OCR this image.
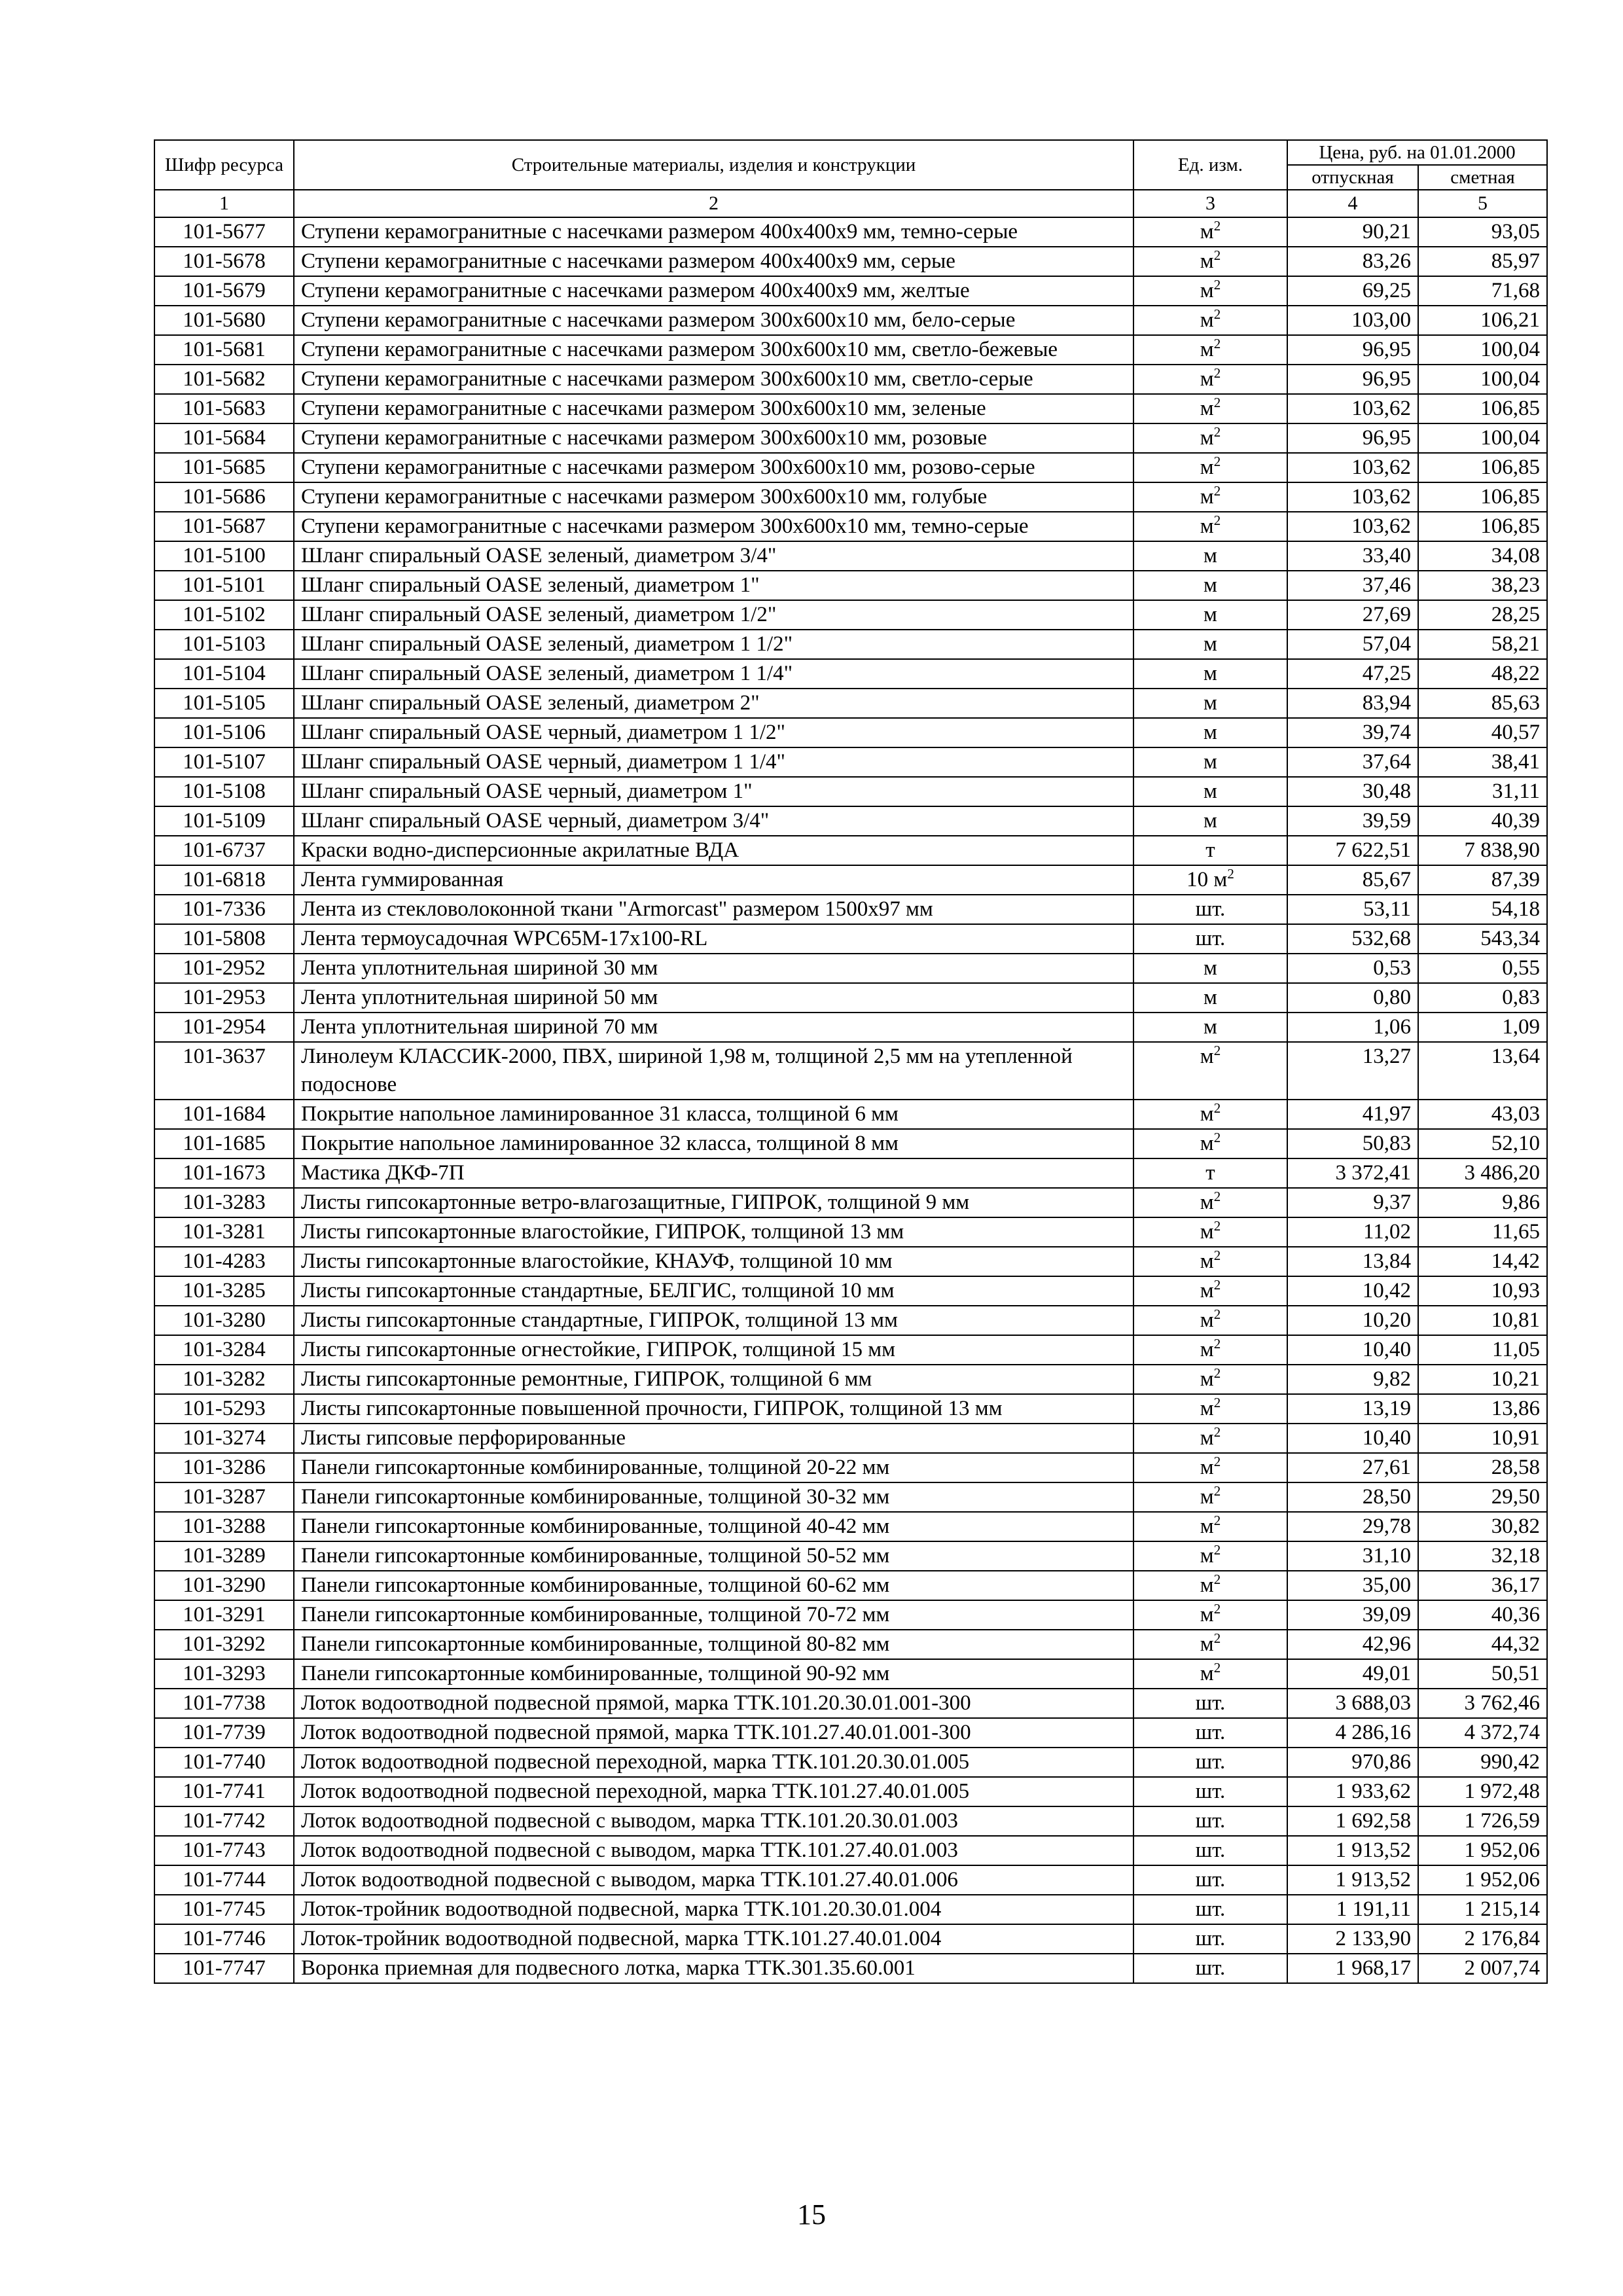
Шифр ресурса	Строительные материалы, изделия и конструкции	Ед. изм.	Цена, руб. на 01.01.2000	
			отпускная	сметная
1	2	3	4	5
101-5677	Ступени керамогранитные с насечками размером 400х400х9 мм, темно-серые	$м^2$	90,21	93,05
101-5678	Ступени керамогранитные с насечками размером 400х400х9 мм, серые	$м^2$	83,26	85,97
101-5679	Ступени керамогранитные с насечками размером 400х400х9 мм, желтые	$м^2$	69,25	71,68
101-5680	Ступени керамогранитные с насечками размером 300х600х10 мм, бело-серые	$м^2$	103,00	106,21
101-5681	Ступени керамогранитные с насечками размером 300х600х10 мм, светло-бежевые	$м^2$	96,95	100,04
101-5682	Ступени керамогранитные с насечками размером 300х600х10 мм, светло-серые	$м^2$	96,95	100,04
101-5683	Ступени керамогранитные с насечками размером 300х600х10 мм, зеленые	$м^2$	103,62	106,85
101-5684	Ступени керамогранитные с насечками размером 300х600х10 мм, розовые	$м^2$	96,95	100,04
101-5685	Ступени керамогранитные с насечками размером 300х600х10 мм, розово-серые	$м^2$	103,62	106,85
101-5686	Ступени керамогранитные с насечками размером 300х600х10 мм, голубые	$м^2$	103,62	106,85
101-5687	Ступени керамогранитные с насечками размером 300х600х10 мм, темно-серые	$м^2$	103,62	106,85
101-5100	Шланг спиральный OASE зеленый, диаметром 3/4"	м	33,40	34,08
101-5101	Шланг спиральный OASE зеленый, диаметром 1"	м	37,46	38,23
101-5102	Шланг спиральный OASE зеленый, диаметром 1/2"	м	27,69	28,25
101-5103	Шланг спиральный OASE зеленый, диаметром 1 1/2"	м	57,04	58,21
101-5104	Шланг спиральный OASE зеленый, диаметром 1 1/4"	м	47,25	48,22
101-5105	Шланг спиральный OASE зеленый, диаметром 2"	м	83,94	85,63
101-5106	Шланг спиральный OASE черный, диаметром 1 1/2"	м	39,74	40,57
101-5107	Шланг спиральный OASE черный, диаметром 1 1/4"	м	37,64	38,41
101-5108	Шланг спиральный OASE черный, диаметром 1"	м	30,48	31,11
101-5109	Шланг спиральный OASE черный, диаметром 3/4"	м	39,59	40,39
101-6737	Краски водно-дисперсионные акрилатные ВДА	т	7 622,51	7 838,90
101-6818	Лента гуммированная	10 $м^2$	85,67	87,39
101-7336	Лента из стекловолоконной ткани "Armorcast" размером 1500х97 мм	шт.	53,11	54,18
101-5808	Лента термоусадочная WPC65M-17х100-RL	шт.	532,68	543,34
101-2952	Лента уплотнительная шириной 30 мм	м	0,53	0,55
101-2953	Лента уплотнительная шириной 50 мм	м	0,80	0,83
101-2954	Лента уплотнительная шириной 70 мм	м	1,06	1,09
101-3637	Линолеум КЛАССИК-2000, ПВХ, шириной 1,98 м, толщиной 2,5 мм на утепленной подоснове	$м^2$	13,27	13,64
101-1684	Покрытие напольное ламинированное 31 класса, толщиной 6 мм	$м^2$	41,97	43,03
101-1685	Покрытие напольное ламинированное 32 класса, толщиной 8 мм	$м^2$	50,83	52,10
101-1673	Мастика ДКФ-7П	т	3 372,41	3 486,20
101-3283	Листы гипсокартонные ветро-влагозащитные, ГИПРОК, толщиной 9 мм	$м^2$	9,37	9,86
101-3281	Листы гипсокартонные влагостойкие, ГИПРОК, толщиной 13 мм	$м^2$	11,02	11,65
101-4283	Листы гипсокартонные влагостойкие, КНАУФ, толщиной 10 мм	$м^2$	13,84	14,42
101-3285	Листы гипсокартонные стандартные, БЕЛГИС, толщиной 10 мм	$м^2$	10,42	10,93
101-3280	Листы гипсокартонные стандартные, ГИПРОК, толщиной 13 мм	$м^2$	10,20	10,81
101-3284	Листы гипсокартонные огнестойкие, ГИПРОК, толщиной 15 мм	$м^2$	10,40	11,05
101-3282	Листы гипсокартонные ремонтные, ГИПРОК, толщиной 6 мм	$м^2$	9,82	10,21
101-5293	Листы гипсокартонные повышенной прочности, ГИПРОК, толщиной 13 мм	$м^2$	13,19	13,86
101-3274	Листы гипсовые перфорированные	$м^2$	10,40	10,91
101-3286	Панели гипсокартонные комбинированные, толщиной 20-22 мм	$м^2$	27,61	28,58
101-3287	Панели гипсокартонные комбинированные, толщиной 30-32 мм	$м^2$	28,50	29,50
101-3288	Панели гипсокартонные комбинированные, толщиной 40-42 мм	$м^2$	29,78	30,82
101-3289	Панели гипсокартонные комбинированные, толщиной 50-52 мм	$м^2$	31,10	32,18
101-3290	Панели гипсокартонные комбинированные, толщиной 60-62 мм	$м^2$	35,00	36,17
101-3291	Панели гипсокартонные комбинированные, толщиной 70-72 мм	$м^2$	39,09	40,36
101-3292	Панели гипсокартонные комбинированные, толщиной 80-82 мм	$м^2$	42,96	44,32
101-3293	Панели гипсокартонные комбинированные, толщиной 90-92 мм	$м^2$	49,01	50,51
101-7738	Лоток водоотводной подвесной прямой, марка ТТК.101.20.30.01.001-300	шт.	3 688,03	3 762,46
101-7739	Лоток водоотводной подвесной прямой, марка ТТК.101.27.40.01.001-300	шт.	4 286,16	4 372,74
101-7740	Лоток водоотводной подвесной переходной, марка ТТК.101.20.30.01.005	шт.	970,86	990,42
101-7741	Лоток водоотводной подвесной переходной, марка ТТК.101.27.40.01.005	шт.	1 933,62	1 972,48
101-7742	Лоток водоотводной подвесной с выводом, марка ТТК.101.20.30.01.003	шт.	1 692,58	1 726,59
101-7743	Лоток водоотводной подвесной с выводом, марка ТТК.101.27.40.01.003	шт.	1 913,52	1 952,06
101-7744	Лоток водоотводной подвесной с выводом, марка ТТК.101.27.40.01.006	шт.	1 913,52	1 952,06
101-7745	Лоток-тройник водоотводной подвесной, марка ТТК.101.20.30.01.004	шт.	1 191,11	1 215,14
101-7746	Лоток-тройник водоотводной подвесной, марка ТТК.101.27.40.01.004	шт.	2 133,90	2 176,84
101-7747	Воронка приемная для подвесного лотка, марка ТТК.301.35.60.001	шт.	1 968,17	2 007,74
15
